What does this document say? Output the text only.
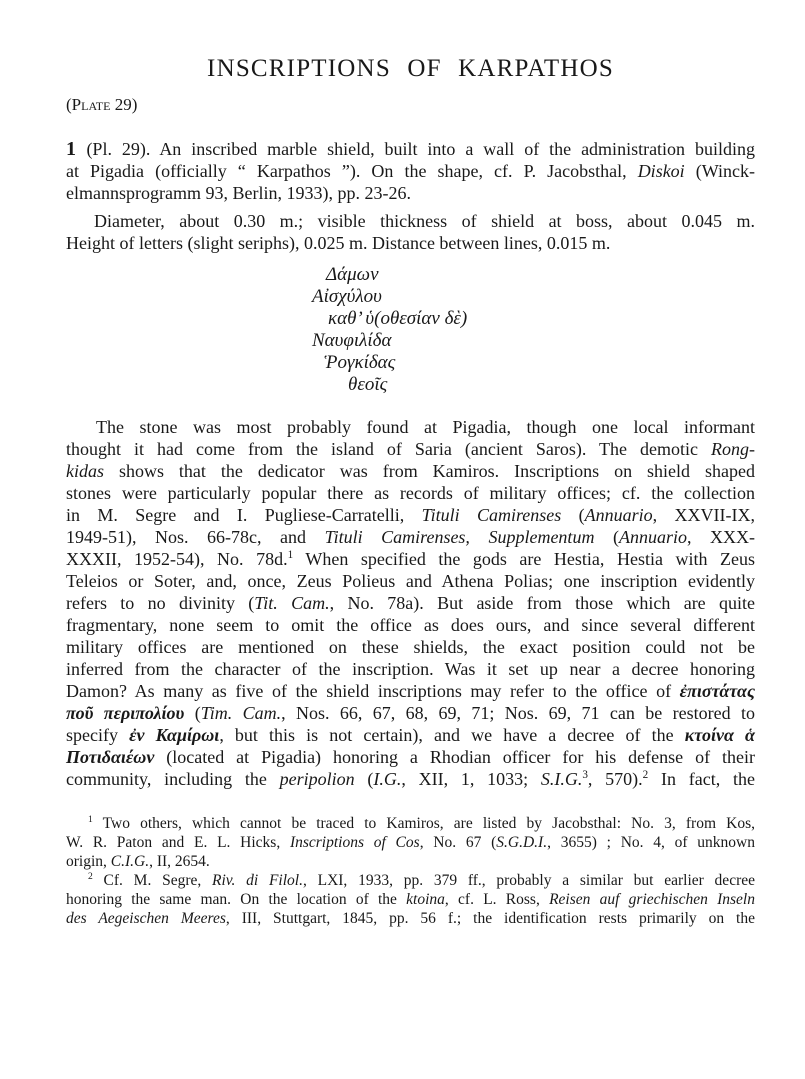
INSCRIPTIONS OF KARPATHOS
(Plate 29)
1 (Pl. 29). An inscribed marble shield, built into a wall of the administration building
at Pigadia (officially “ Karpathos ”). On the shape, cf. P. Jacobsthal, Diskoi (Winck-
elmannsprogramm 93, Berlin, 1933), pp. 23-26.
Diameter, about 0.30 m.; visible thickness of shield at boss, about 0.045 m.
Height of letters (slight seriphs), 0.025 m. Distance between lines, 0.015 m.
Δάμων
Αἰσχύλου
καθ’ ὑ(οθεσίαν δὲ)
Ναυφιλίδα
Ῥογκίδας
θεοῖς
The stone was most probably found at Pigadia, though one local informant
thought it had come from the island of Saria (ancient Saros). The demotic Rong-
kidas shows that the dedicator was from Kamiros. Inscriptions on shield shaped
stones were particularly popular there as records of military offices; cf. the collection
in M. Segre and I. Pugliese-Carratelli, Tituli Camirenses (Annuario, XXVII-IX,
1949-51), Nos. 66-78c, and Tituli Camirenses, Supplementum (Annuario, XXX-
XXXII, 1952-54), No. 78d.$^1$ When specified the gods are Hestia, Hestia with Zeus
Teleios or Soter, and, once, Zeus Polieus and Athena Polias; one inscription evidently
refers to no divinity (Tit. Cam., No. 78a). But aside from those which are quite
fragmentary, none seem to omit the office as does ours, and since several different
military offices are mentioned on these shields, the exact position could not be
inferred from the character of the inscription. Was it set up near a decree honoring
Damon? As many as five of the shield inscriptions may refer to the office of ἐπιστάτας
ποῦ περιπολίου (Tim. Cam., Nos. 66, 67, 68, 69, 71; Nos. 69, 71 can be restored to
specify ἐν Καμίρωι, but this is not certain), and we have a decree of the κτοίνα ἁ
Ποτιδαιέων (located at Pigadia) honoring a Rhodian officer for his defense of their
community, including the peripolion (I.G., XII, 1, 1033; S.I.G.$^3$, 570).$^2$ In fact, the
$^1$ Two others, which cannot be traced to Kamiros, are listed by Jacobsthal: No. 3, from Kos,
W. R. Paton and E. L. Hicks, Inscriptions of Cos, No. 67 (S.G.D.I., 3655) ; No. 4, of unknown
origin, C.I.G., II, 2654.
$^2$ Cf. M. Segre, Riv. di Filol., LXI, 1933, pp. 379 ff., probably a similar but earlier decree
honoring the same man. On the location of the ktoina, cf. L. Ross, Reisen auf griechischen Inseln
des Aegeischen Meeres, III, Stuttgart, 1845, pp. 56 f.; the identification rests primarily on the
